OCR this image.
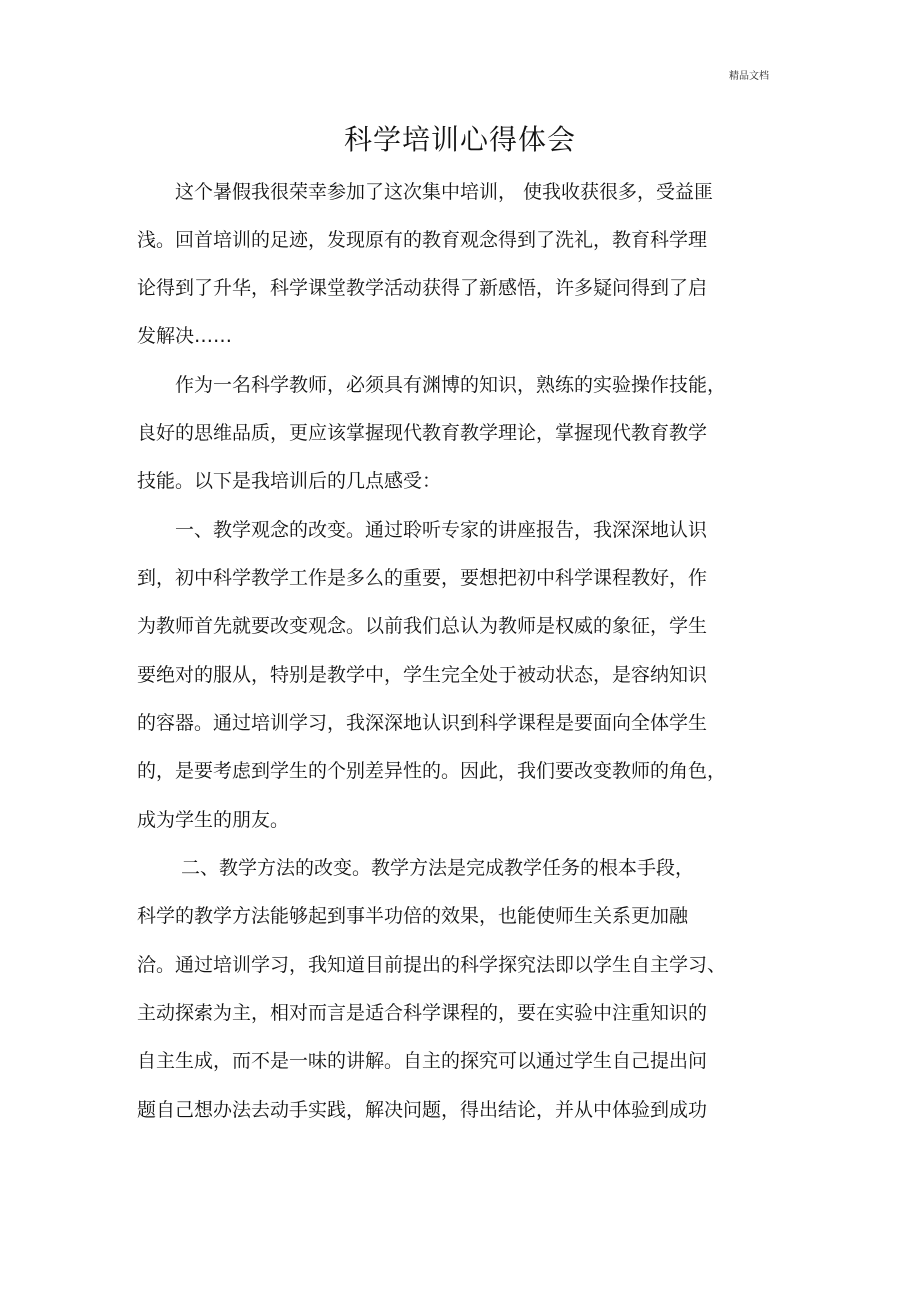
精品文档
科学培训心得体会
　　这个暑假我很荣幸参加了这次集中培训， 使我收获很多，受益匪
浅。回首培训的足迹，发现原有的教育观念得到了洗礼，教育科学理
论得到了升华，科学课堂教学活动获得了新感悟，许多疑问得到了启
发解决……
　　作为一名科学教师，必须具有渊博的知识，熟练的实验操作技能，
良好的思维品质，更应该掌握现代教育教学理论，掌握现代教育教学
技能。以下是我培训后的几点感受：
　　一、教学观念的改变。通过聆听专家的讲座报告，我深深地认识
到，初中科学教学工作是多么的重要，要想把初中科学课程教好，作
为教师首先就要改变观念。以前我们总认为教师是权威的象征，学生
要绝对的服从，特别是教学中，学生完全处于被动状态，是容纳知识
的容器。通过培训学习，我深深地认识到科学课程是要面向全体学生
的，是要考虑到学生的个别差异性的。因此，我们要改变教师的角色，
成为学生的朋友。
　　 二、教学方法的改变。教学方法是完成教学任务的根本手段，
科学的教学方法能够起到事半功倍的效果，也能使师生关系更加融
洽。通过培训学习，我知道目前提出的科学探究法即以学生自主学习、
主动探索为主，相对而言是适合科学课程的，要在实验中注重知识的
自主生成，而不是一味的讲解。自主的探究可以通过学生自己提出问
题自己想办法去动手实践，解决问题，得出结论，并从中体验到成功
